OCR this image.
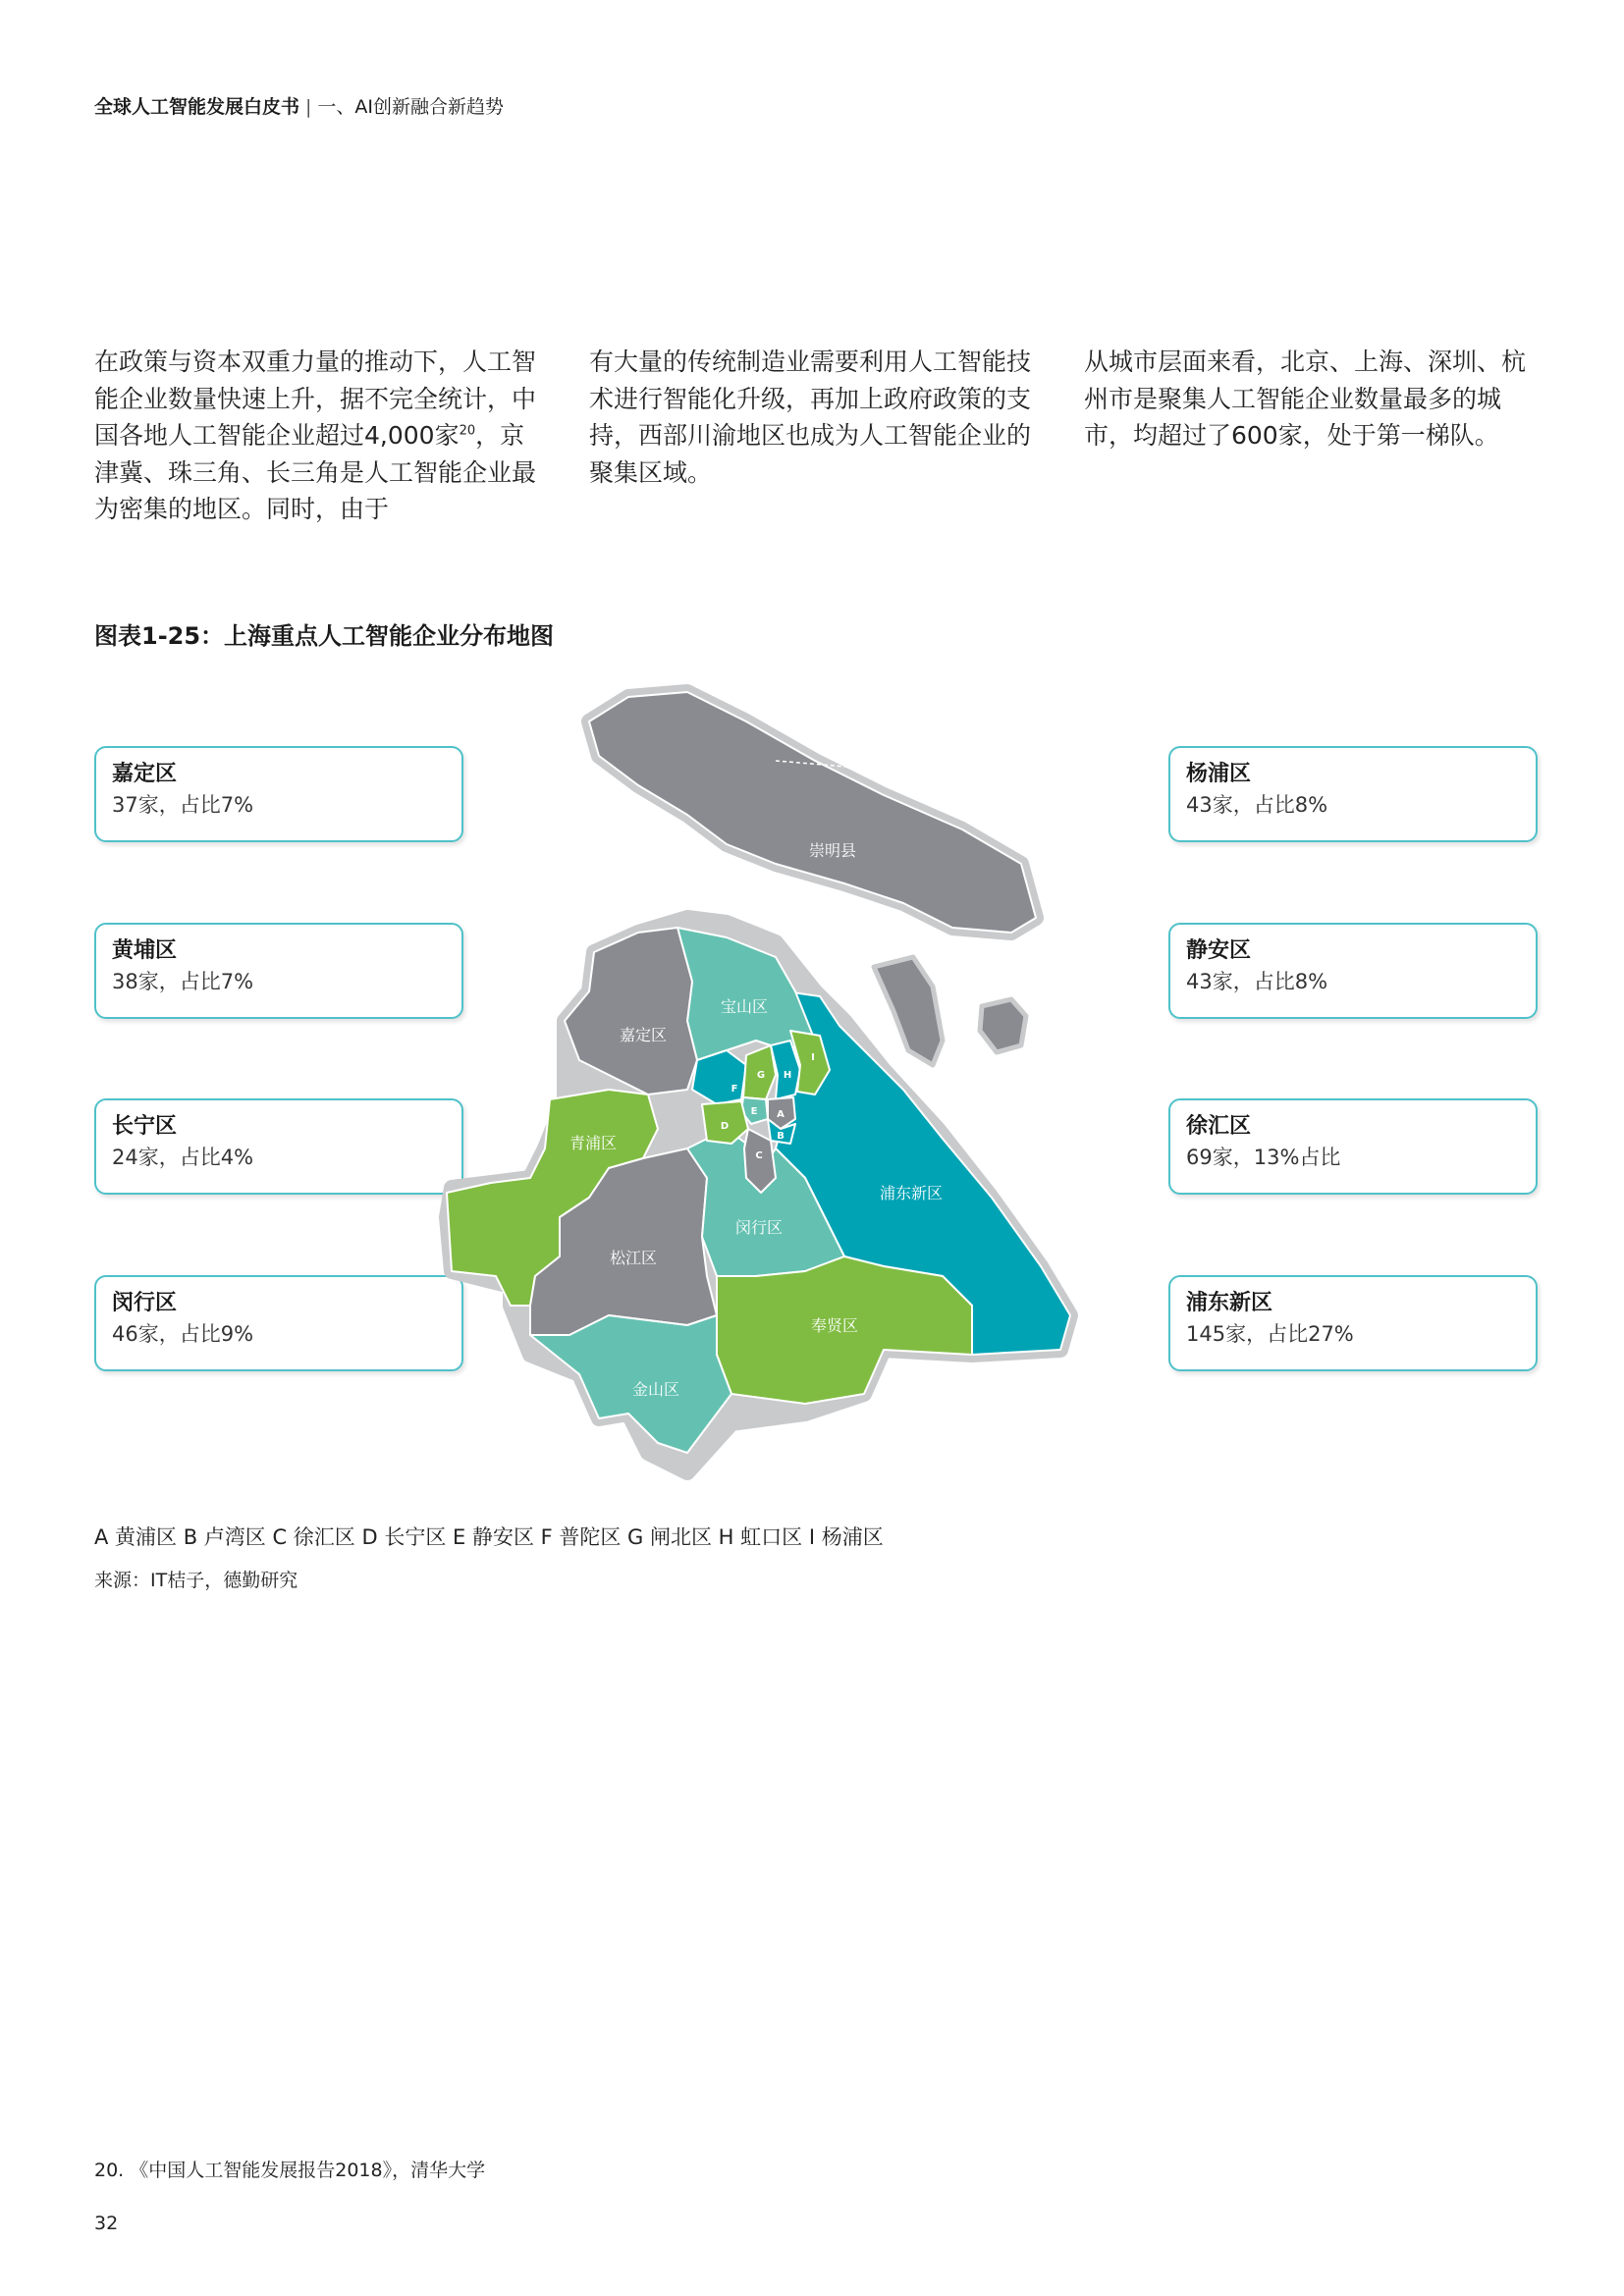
全球人工智能发展白皮书 | 一、AI创新融合新趋势
在政策与资本双重力量的推动下，人工智能企业数量快速上升，据不完全统计，中国各地人工智能企业超过4,000家$^{20}$，京津冀、珠三角、长三角是人工智能企业最为密集的地区。同时，由于
有大量的传统制造业需要利用人工智能技术进行智能化升级，再加上政府政策的支持，西部川渝地区也成为人工智能企业的聚集区域。
从城市层面来看，北京、上海、深圳、杭州市是聚集人工智能企业数量最多的城市，均超过了600家，处于第一梯队。
图表1-25：上海重点人工智能企业分布地图
嘉定区
37家，占比7%
黄埔区
38家，占比7%
长宁区
24家，占比4%
闵行区
46家，占比9%
杨浦区
43家，占比8%
静安区
43家，占比8%
徐汇区
69家，13%占比
浦东新区
145家，占比27%
崇明县
宝山区
嘉定区
青浦区
浦东新区
闵行区
松江区
奉贤区
金山区
A
B
C
D
E
F
G H
I
A 黄浦区 B 卢湾区 C 徐汇区 D 长宁区 E 静安区 F 普陀区 G 闸北区 H 虹口区 I 杨浦区
来源：IT桔子，德勤研究
20. 《中国人工智能发展报告2018》，清华大学
32
